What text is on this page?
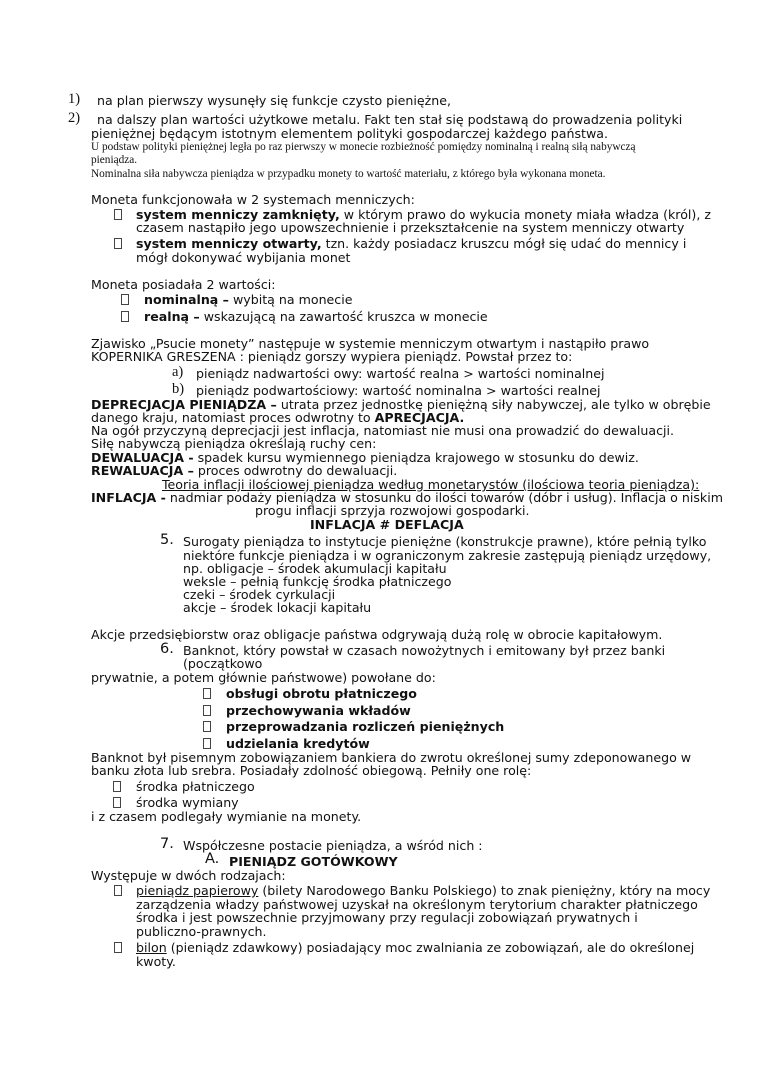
1) na plan pierwszy wysunęły się funkcje czysto pieniężne,
2) na dalszy plan wartości użytkowe metalu. Fakt ten stał się podstawą do prowadzenia polityki
pieniężnej będącym istotnym elementem polityki gospodarczej każdego państwa.
U podstaw polityki pieniężnej legła po raz pierwszy w monecie rozbieżność pomiędzy nominalną i realną siłą nabywczą
pieniądza.
Nominalna siła nabywcza pieniądza w przypadku monety to wartość materiału, z którego była wykonana moneta.
Moneta funkcjonowała w 2 systemach menniczych:
system menniczy zamknięty, w którym prawo do wykucia monety miała władza (król), z
czasem nastąpiło jego upowszechnienie i przekształcenie na system menniczy otwarty
system menniczy otwarty, tzn. każdy posiadacz kruszcu mógł się udać do mennicy i
mógł dokonywać wybijania monet
Moneta posiadała 2 wartości:
nominalną – wybitą na monecie
realną – wskazującą na zawartość kruszca w monecie
Zjawisko „Psucie monety” następuje w systemie menniczym otwartym i nastąpiło prawo
KOPERNIKA GRESZENA : pieniądz gorszy wypiera pieniądz. Powstał przez to:
a) pieniądz nadwartości owy: wartość realna > wartości nominalnej
b) pieniądz podwartościowy: wartość nominalna > wartości realnej
DEPRECJACJA PIENIĄDZA – utrata przez jednostkę pieniężną siły nabywczej, ale tylko w obrębie
danego kraju, natomiast proces odwrotny to APRECJACJA.
Na ogół przyczyną deprecjacji jest inflacja, natomiast nie musi ona prowadzić do dewaluacji.
Siłę nabywczą pieniądza określają ruchy cen:
DEWALUACJA - spadek kursu wymiennego pieniądza krajowego w stosunku do dewiz.
REWALUACJA – proces odwrotny do dewaluacji.
Teoria inflacji ilościowej pieniądza według monetarystów (ilościowa teoria pieniądza):
INFLACJA - nadmiar podaży pieniądza w stosunku do ilości towarów (dóbr i usług). Inflacja o niskim
progu inflacji sprzyja rozwojowi gospodarki.
INFLACJA # DEFLACJA
5. Surogaty pieniądza to instytucje pieniężne (konstrukcje prawne), które pełnią tylko
niektóre funkcje pieniądza i w ograniczonym zakresie zastępują pieniądz urzędowy,
np. obligacje – środek akumulacji kapitału
weksle – pełnią funkcję środka płatniczego
czeki – środek cyrkulacji
akcje – środek lokacji kapitału
Akcje przedsiębiorstw oraz obligacje państwa odgrywają dużą rolę w obrocie kapitałowym.
6. Banknot, który powstał w czasach nowożytnych i emitowany był przez banki
(początkowo
prywatnie, a potem głównie państwowe) powołane do:
obsługi obrotu płatniczego
przechowywania wkładów
przeprowadzania rozliczeń pieniężnych
udzielania kredytów
Banknot był pisemnym zobowiązaniem bankiera do zwrotu określonej sumy zdeponowanego w
banku złota lub srebra. Posiadały zdolność obiegową. Pełniły one rolę:
środka płatniczego
środka wymiany
i z czasem podlegały wymianie na monety.
7. Współczesne postacie pieniądza, a wśród nich :
A. PIENIĄDZ GOTÓWKOWY
Występuje w dwóch rodzajach:
pieniądz papierowy (bilety Narodowego Banku Polskiego) to znak pieniężny, który na mocy
zarządzenia władzy państwowej uzyskał na określonym terytorium charakter płatniczego
środka i jest powszechnie przyjmowany przy regulacji zobowiązań prywatnych i
publiczno-prawnych.
bilon (pieniądz zdawkowy) posiadający moc zwalniania ze zobowiązań, ale do określonej
kwoty.
